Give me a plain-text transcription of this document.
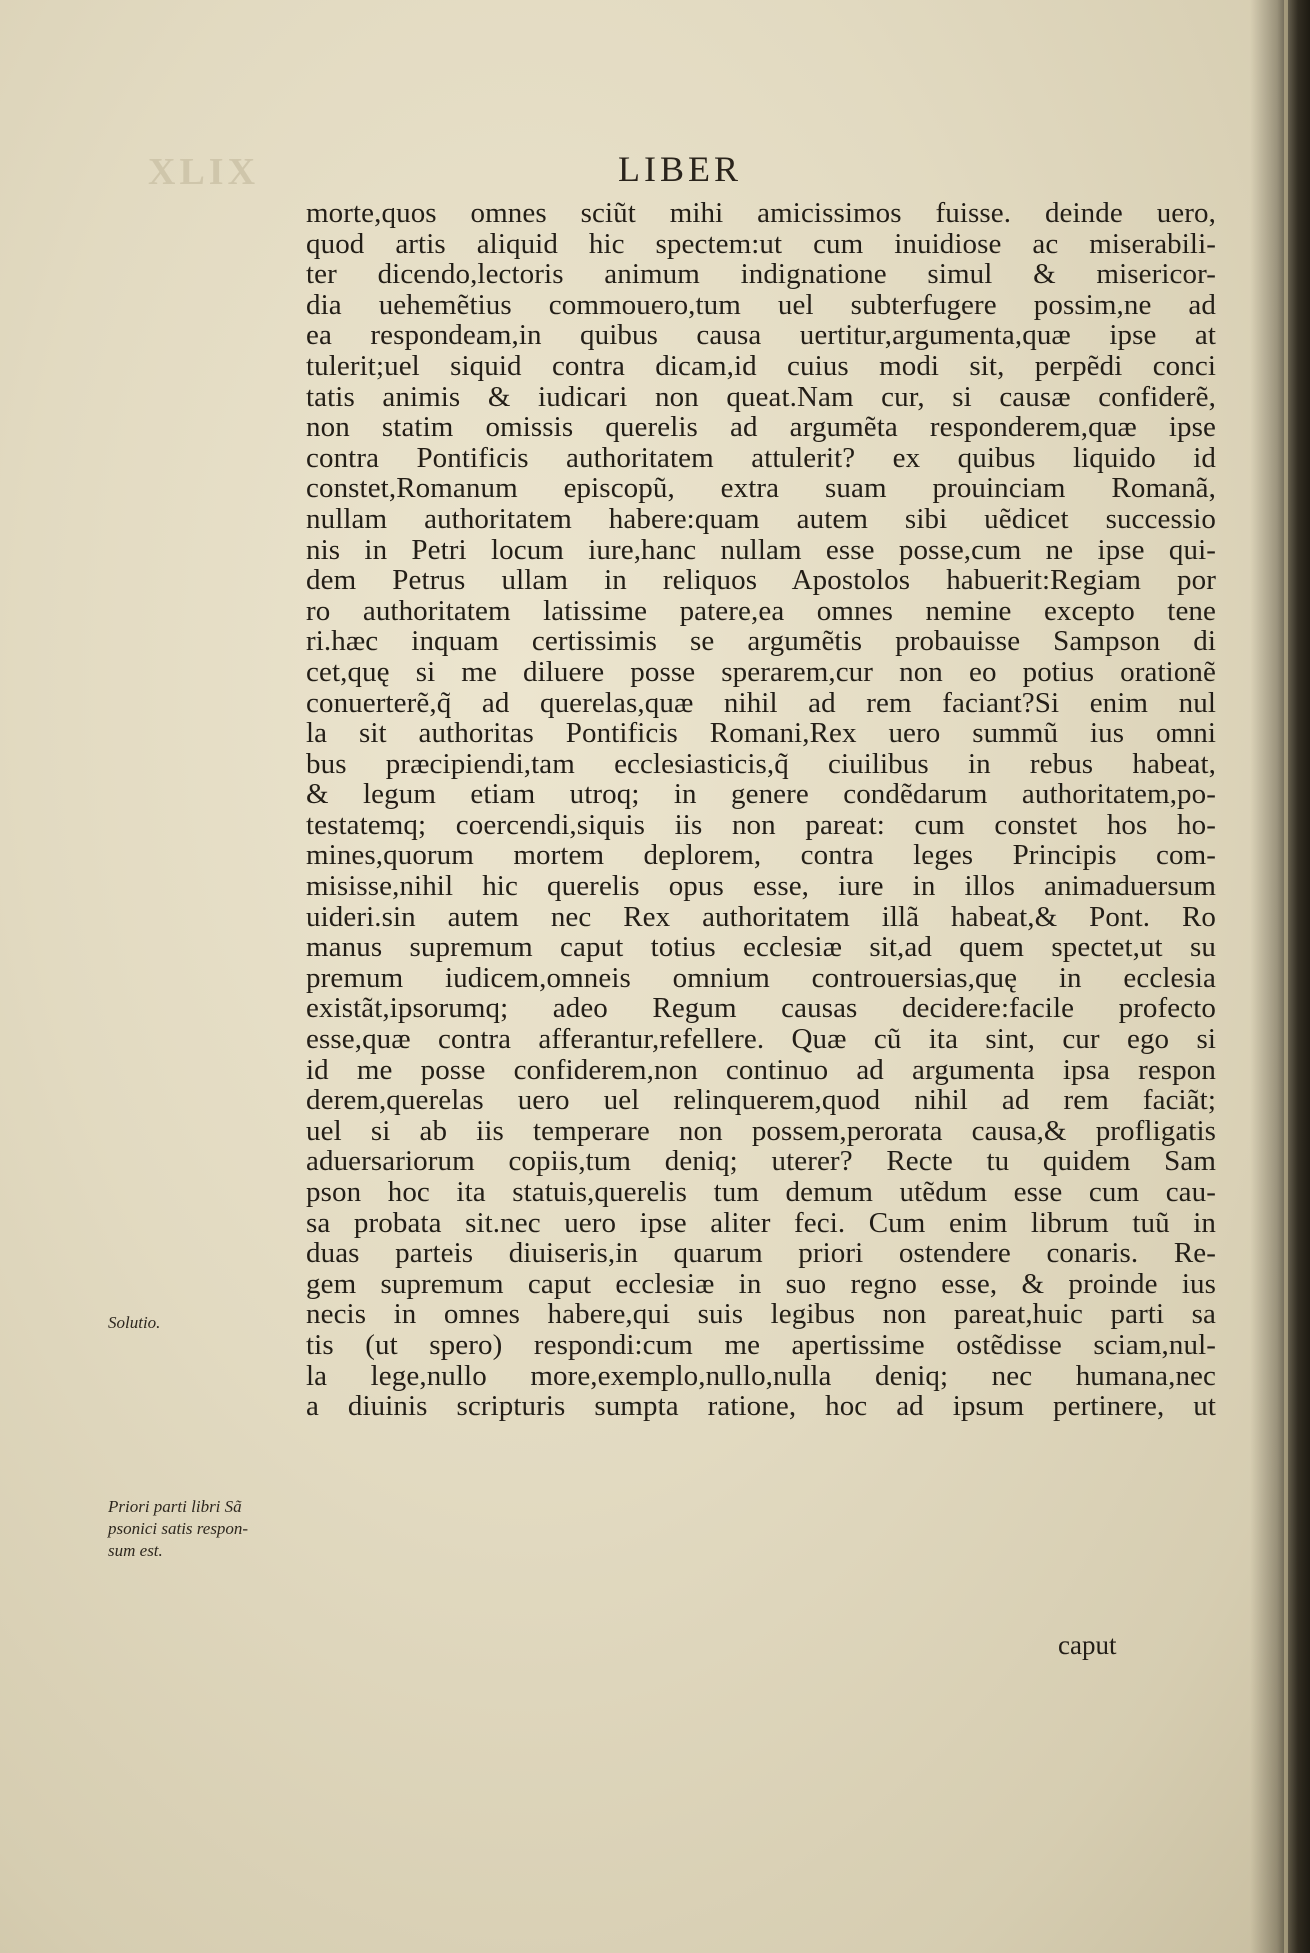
XLIX	LIBER
morte,quos omnes sciũt mihi amicissimos fuisse. deinde uero,
quod artis aliquid hic spectem:ut cum inuidiose ac miserabili-
ter dicendo,lectoris animum indignatione simul & misericor-
dia uehemẽtius commouero,tum uel subterfugere possim,ne ad
ea respondeam,in quibus causa uertitur,argumenta,quæ ipse at
tulerit;uel siquid contra dicam,id cuius modi sit, perpẽdi conci
tatis animis & iudicari non queat.Nam cur, si causæ confiderẽ,
non statim omissis querelis ad argumẽta responderem,quæ ipse
contra Pontificis authoritatem attulerit? ex quibus liquido id
constet,Romanum episcopũ, extra suam prouinciam Romanã,
nullam authoritatem habere:quam autem sibi uẽdicet successio
nis in Petri locum iure,hanc nullam esse posse,cum ne ipse qui-
dem Petrus ullam in reliquos Apostolos habuerit:Regiam por
ro authoritatem latissime patere,ea omnes nemine excepto tene
ri.hæc inquam certissimis se argumẽtis probauisse Sampson di
cet,quę si me diluere posse sperarem,cur non eo potius orationẽ
conuerterẽ,q̃ ad querelas,quæ nihil ad rem faciant?Si enim nul
la sit authoritas Pontificis Romani,Rex uero summũ ius omni
bus præcipiendi,tam ecclesiasticis,q̃ ciuilibus in rebus habeat,
& legum etiam utroq; in genere condẽdarum authoritatem,po-
testatemq; coercendi,siquis iis non pareat: cum constet hos ho-
mines,quorum mortem deplorem, contra leges Principis com-
misisse,nihil hic querelis opus esse, iure in illos animaduersum
uideri.sin autem nec Rex authoritatem illã habeat,& Pont. Ro
manus supremum caput totius ecclesiæ sit,ad quem spectet,ut su
premum iudicem,omneis omnium controuersias,quę in ecclesia
existãt,ipsorumq; adeo Regum causas decidere:facile profecto
esse,quæ contra afferantur,refellere. Quæ cũ ita sint, cur ego si
id me posse confiderem,non continuo ad argumenta ipsa respon
derem,querelas uero uel relinquerem,quod nihil ad rem faciãt;
uel si ab iis temperare non possem,perorata causa,& profligatis
aduersariorum copiis,tum deniq; uterer? Recte tu quidem Sam
pson hoc ita statuis,querelis tum demum utẽdum esse cum cau-
sa probata sit.nec uero ipse aliter feci. Cum enim librum tuũ in
duas parteis diuiseris,in quarum priori ostendere conaris. Re-
gem supremum caput ecclesiæ in suo regno esse, & proinde ius
necis in omnes habere,qui suis legibus non pareat,huic parti sa
tis (ut spero) respondi:cum me apertissime ostẽdisse sciam,nul-
la lege,nullo more,exemplo,nullo,nulla deniq; nec humana,nec
a diuinis scripturis sumpta ratione, hoc ad ipsum pertinere, ut
caput
Solutio.
Priori parti libri Sã
psonici satis respon-
sum est.
